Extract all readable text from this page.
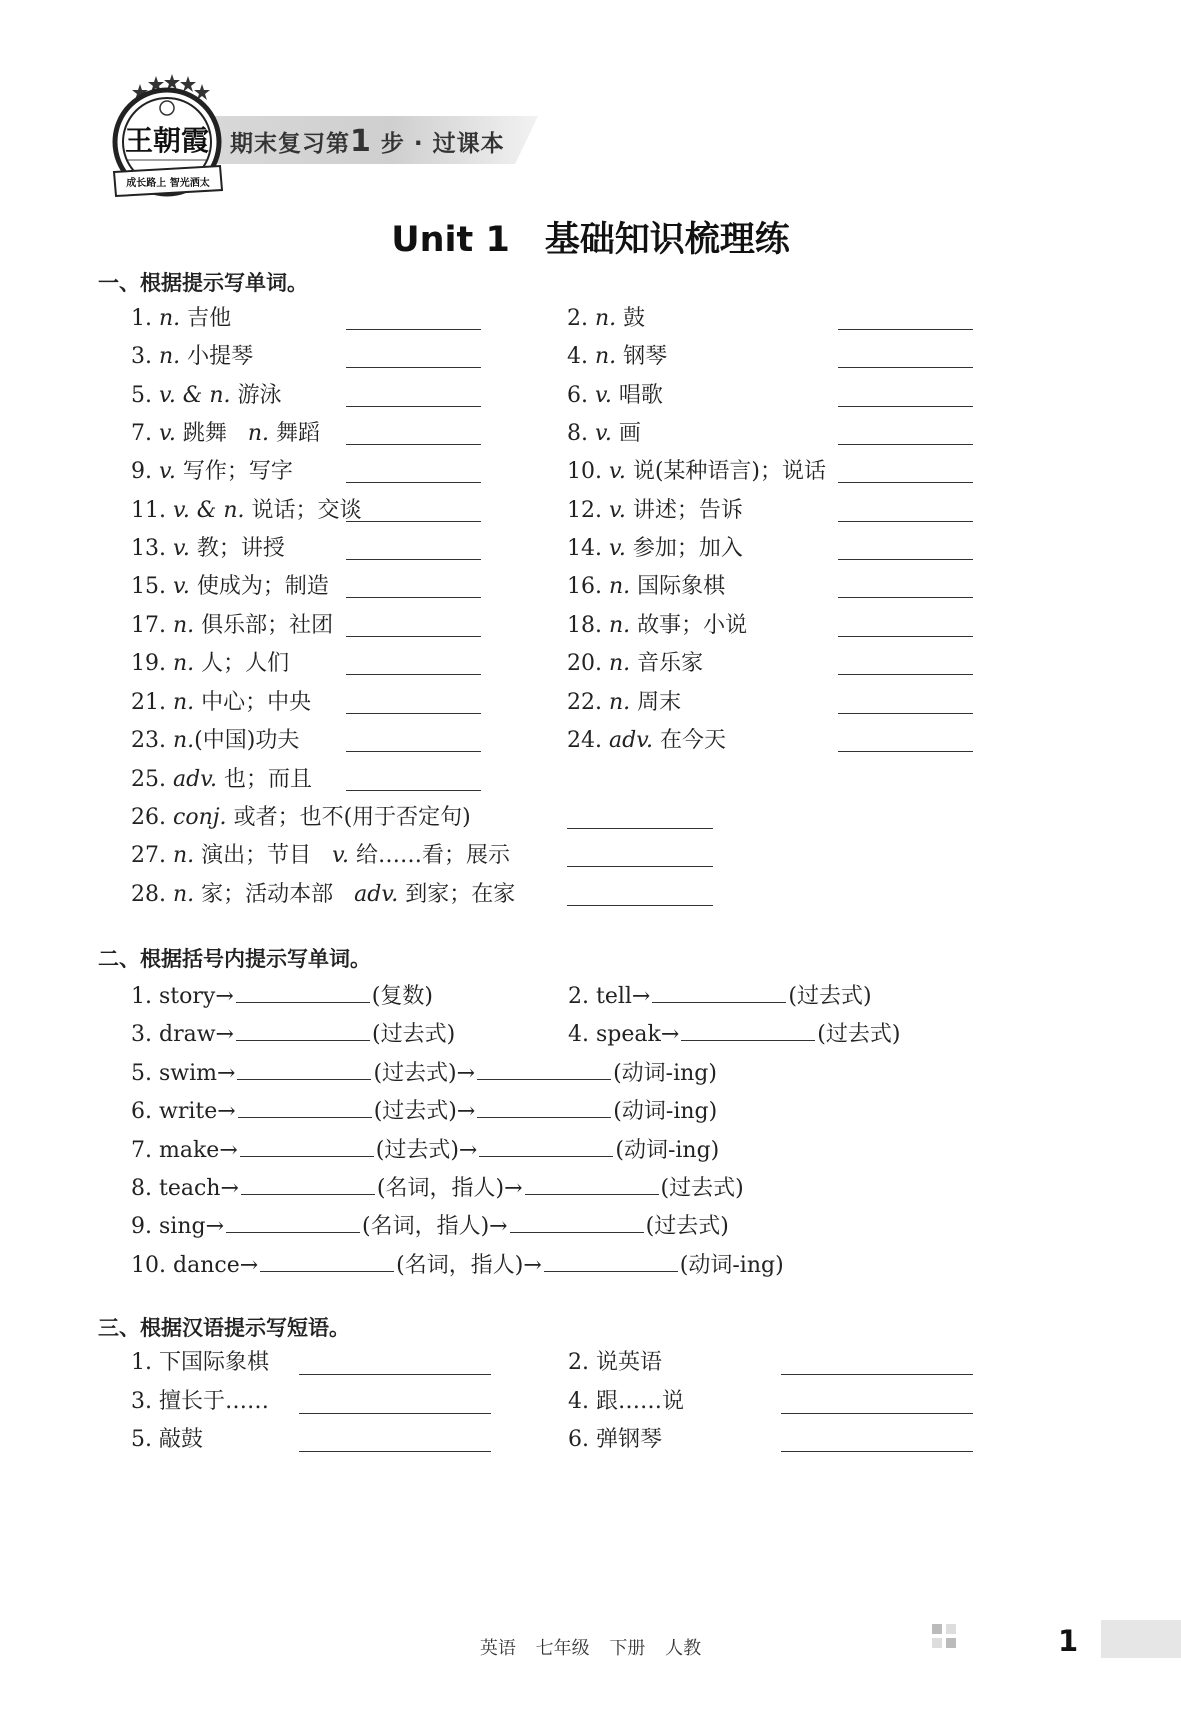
期末复习第1 步 · 过课本
王朝霞
成长路上 智光洒太
Unit 1　基础知识梳理练
一、根据提示写单词。
1. n. 吉他	2. n. 鼓
3. n. 小提琴	4. n. 钢琴
5. v. & n. 游泳	6. v. 唱歌
7. v. 跳舞 n. 舞蹈	8. v. 画
9. v. 写作；写字	10. v. 说(某种语言)；说话
11. v. & n. 说话；交谈	12. v. 讲述；告诉
13. v. 教；讲授	14. v. 参加；加入
15. v. 使成为；制造	16. n. 国际象棋
17. n. 俱乐部；社团	18. n. 故事；小说
19. n. 人；人们	20. n. 音乐家
21. n. 中心；中央	22. n. 周末
23. n.(中国)功夫	24. adv. 在今天
25. adv. 也；而且
26. conj. 或者；也不(用于否定句)
27. n. 演出；节目 v. 给……看；展示
28. n. 家；活动本部 adv. 到家；在家
二、根据括号内提示写单词。
1. story→	(复数)	2. tell→	(过去式)
3. draw→	(过去式)	4. speak→	(过去式)
5. swim→	(过去式)→	(动词-ing)
6. write→	(过去式)→	(动词-ing)
7. make→	(过去式)→	(动词-ing)
8. teach→	(名词，指人)→	(过去式)
9. sing→	(名词，指人)→	(过去式)
10. dance→	(名词，指人)→	(动词-ing)
三、根据汉语提示写短语。
1. 下国际象棋	2. 说英语
3. 擅长于……	4. 跟……说
5. 敲鼓	6. 弹钢琴
英语 七年级 下册 人教	1
